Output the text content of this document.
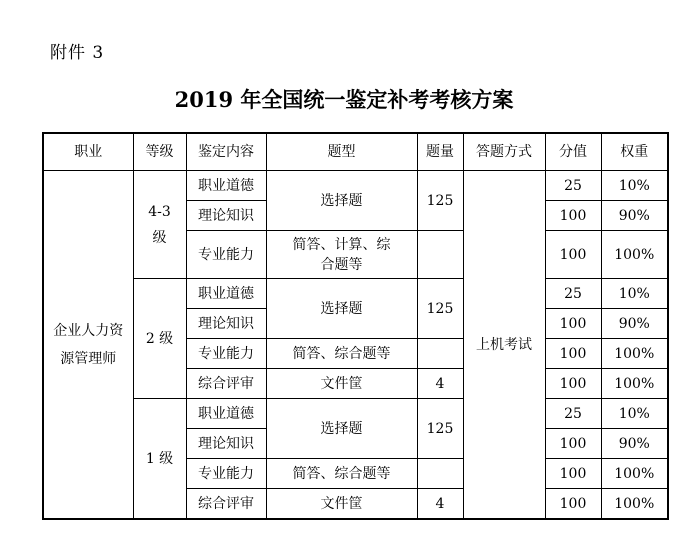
附件 3
2019 年全国统一鉴定补考考核方案
职业	等级	鉴定内容	题型	题量	答题方式	分值	权重
企业人力资源管理师	4-3级	职业道德	选择题	125	上机考试	25	10%
		理论知识				100	90%
		专业能力	简答、计算、综合题等			100	100%
	2 级	职业道德	选择题	125		25	10%
		理论知识				100	90%
		专业能力	简答、综合题等			100	100%
		综合评审	文件筐	4		100	100%
	1 级	职业道德	选择题	125		25	10%
		理论知识				100	90%
		专业能力	简答、综合题等			100	100%
		综合评审	文件筐	4		100	100%
